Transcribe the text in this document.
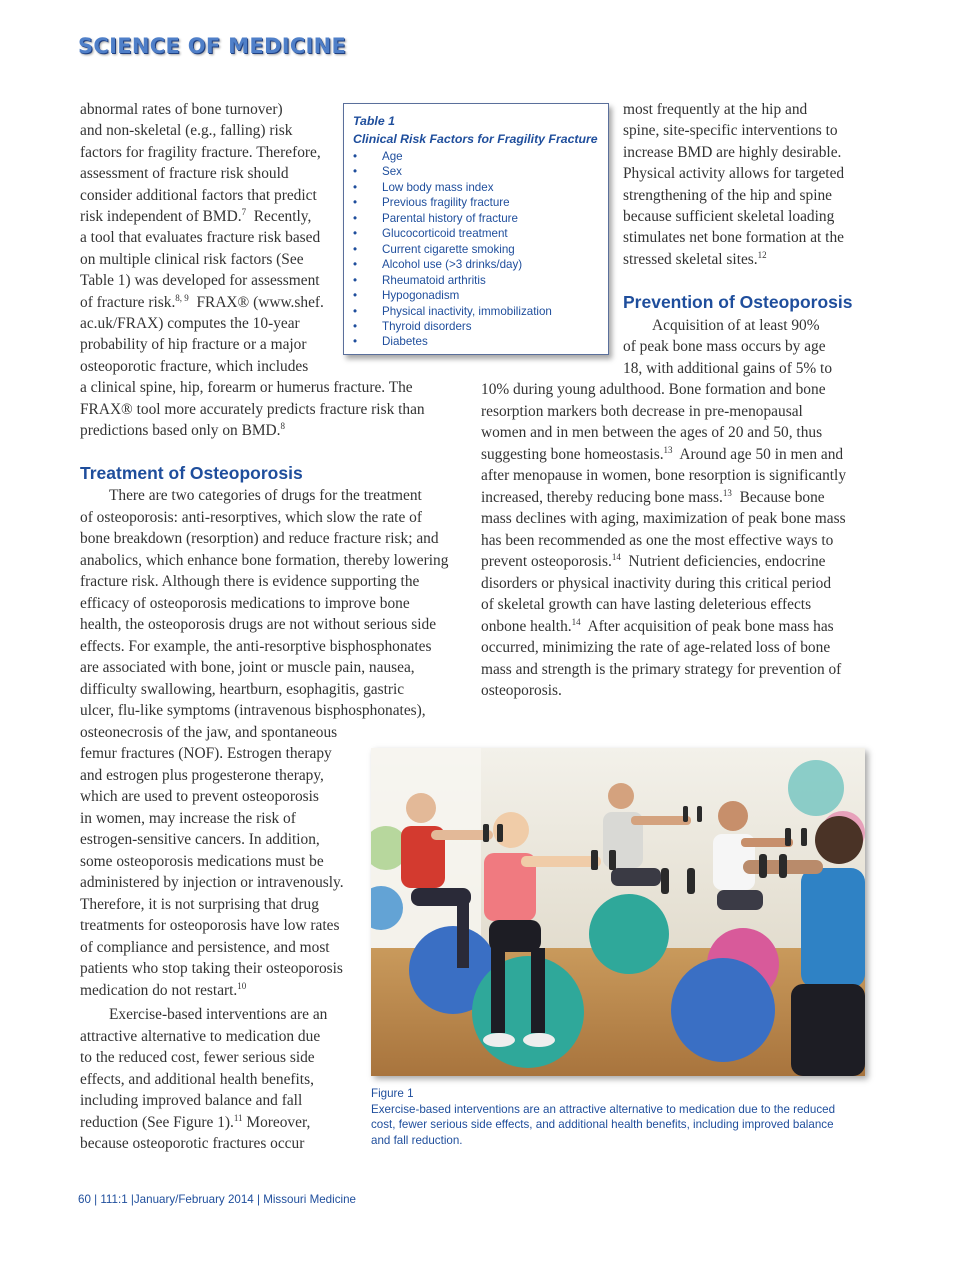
SCIENCE OF MEDICINE
abnormal rates of bone turnover)
and non-skeletal (e.g., falling) risk
factors for fragility fracture. Therefore,
assessment of fracture risk should
consider additional factors that predict
risk independent of BMD.$^7$  Recently,
a tool that evaluates fracture risk based
on multiple clinical risk factors (See
Table 1) was developed for assessment
of fracture risk.$^{8, 9}$  FRAX® (www.shef.
ac.uk/FRAX) computes the 10-year
probability of hip fracture or a major
osteoporotic fracture, which includes
a clinical spine, hip, forearm or humerus fracture. The
FRAX® tool more accurately predicts fracture risk than
predictions based only on BMD.$^8$
Treatment of Osteoporosis
There are two categories of drugs for the treatment
of osteoporosis: anti-resorptives, which slow the rate of
bone breakdown (resorption) and reduce fracture risk; and
anabolics, which enhance bone formation, thereby lowering
fracture risk. Although there is evidence supporting the
efficacy of osteoporosis medications to improve bone
health, the osteoporosis drugs are not without serious side
effects. For example, the anti-resorptive bisphosphonates
are associated with bone, joint or muscle pain, nausea,
difficulty swallowing, heartburn, esophagitis, gastric
ulcer, flu-like symptoms (intravenous bisphosphonates),
osteonecrosis of the jaw, and spontaneous
femur fractures (NOF). Estrogen therapy
and estrogen plus progesterone therapy,
which are used to prevent osteoporosis
in women, may increase the risk of
estrogen-sensitive cancers. In addition,
some osteoporosis medications must be
administered by injection or intravenously.
Therefore, it is not surprising that drug
treatments for osteoporosis have low rates
of compliance and persistence, and most
patients who stop taking their osteoporosis
medication do not restart.$^{10}$
Exercise-based interventions are an
attractive alternative to medication due
to the reduced cost, fewer serious side
effects, and additional health benefits,
including improved balance and fall
reduction (See Figure 1).$^{11}$ Moreover,
because osteoporotic fractures occur
Table 1
Clinical Risk Factors for Fragility Fracture
• Age
• Sex
• Low body mass index
• Previous fragility fracture
• Parental history of fracture
• Glucocorticoid treatment
• Current cigarette smoking
• Alcohol use (>3 drinks/day)
• Rheumatoid arthritis
• Hypogonadism
• Physical inactivity, immobilization
• Thyroid disorders
• Diabetes
most frequently at the hip and
spine, site-specific interventions to
increase BMD are highly desirable.
Physical activity allows for targeted
strengthening of the hip and spine
because sufficient skeletal loading
stimulates net bone formation at the
stressed skeletal sites.$^{12}$
Prevention of Osteoporosis
Acquisition of at least 90%
of peak bone mass occurs by age
18, with additional gains of 5% to
10% during young adulthood. Bone formation and bone
resorption markers both decrease in pre-menopausal
women and in men between the ages of 20 and 50, thus
suggesting bone homeostasis.$^{13}$  Around age 50 in men and
after menopause in women, bone resorption is significantly
increased, thereby reducing bone mass.$^{13}$  Because bone
mass declines with aging, maximization of peak bone mass
has been recommended as one the most effective ways to
prevent osteoporosis.$^{14}$  Nutrient deficiencies, endocrine
disorders or physical inactivity during this critical period
of skeletal growth can have lasting deleterious effects
onbone health.$^{14}$  After acquisition of peak bone mass has
occurred, minimizing the rate of age-related loss of bone
mass and strength is the primary strategy for prevention of
osteoporosis.
Figure 1
Exercise-based interventions are an attractive alternative to medication due to the reduced
cost, fewer serious side effects, and additional health benefits, including improved balance
and fall reduction.
60 | 111:1 |January/February 2014 | Missouri Medicine
